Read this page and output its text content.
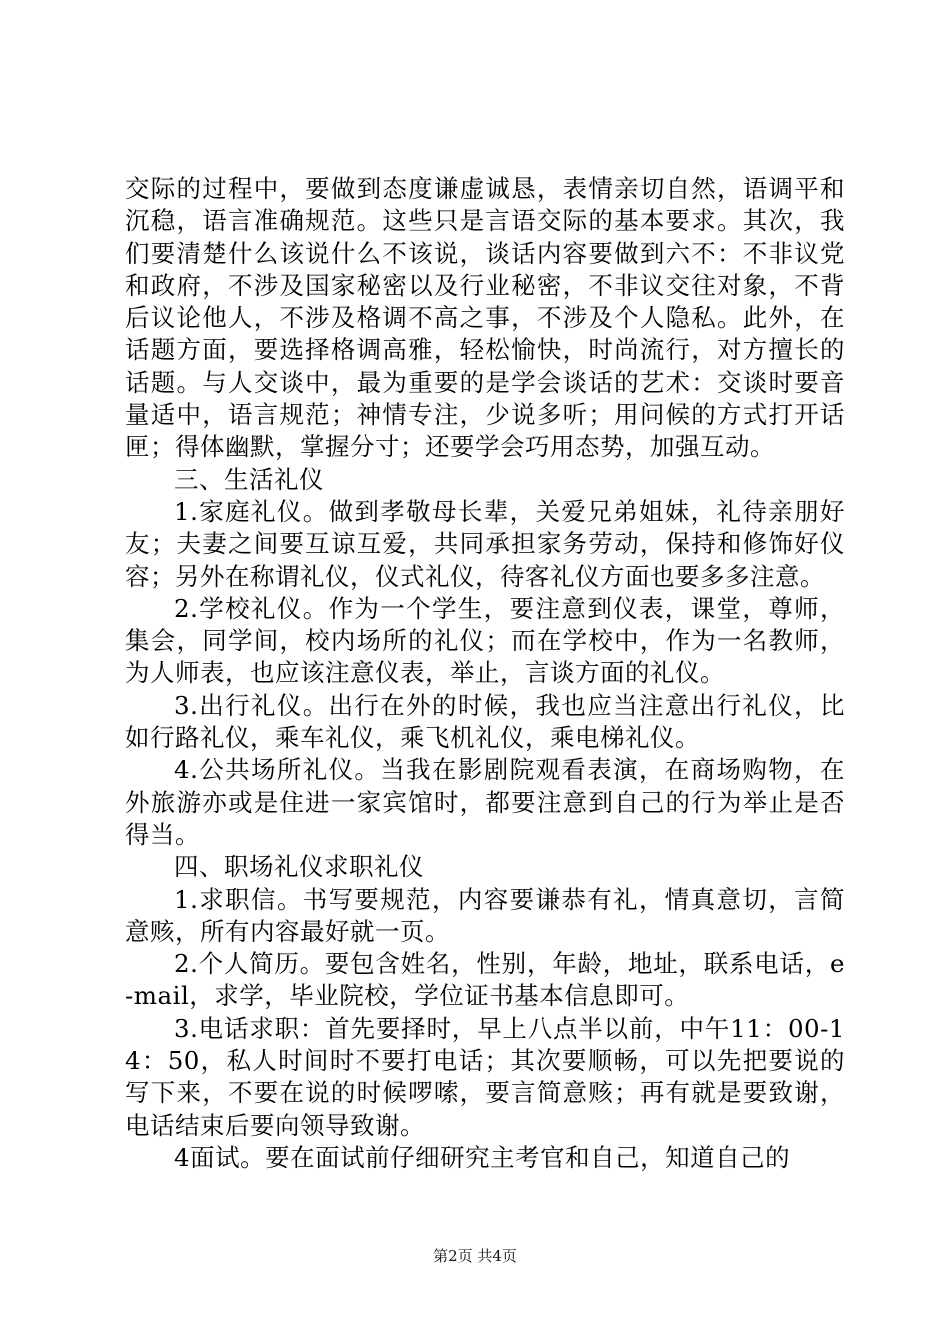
交际的过程中，要做到态度谦虚诚恳，表情亲切自然，语调平和沉稳，语言准确规范。这些只是言语交际的基本要求。其次，我们要清楚什么该说什么不该说，谈话内容要做到六不：不非议党和政府，不涉及国家秘密以及行业秘密，不非议交往对象，不背后议论他人，不涉及格调不高之事，不涉及个人隐私。此外，在话题方面，要选择格调高雅，轻松愉快，时尚流行，对方擅长的话题。与人交谈中，最为重要的是学会谈话的艺术：交谈时要音量适中，语言规范；神情专注，少说多听；用问候的方式打开话匣；得体幽默，掌握分寸；还要学会巧用态势，加强互动。

三、生活礼仪

1.家庭礼仪。做到孝敬母长辈，关爱兄弟姐妹，礼待亲朋好友；夫妻之间要互谅互爱，共同承担家务劳动，保持和修饰好仪容；另外在称谓礼仪，仪式礼仪，待客礼仪方面也要多多注意。

2.学校礼仪。作为一个学生，要注意到仪表，课堂，尊师，集会，同学间，校内场所的礼仪；而在学校中，作为一名教师，为人师表，也应该注意仪表，举止，言谈方面的礼仪。

3.出行礼仪。出行在外的时候，我也应当注意出行礼仪，比如行路礼仪，乘车礼仪，乘飞机礼仪，乘电梯礼仪。

4.公共场所礼仪。当我在影剧院观看表演，在商场购物，在外旅游亦或是住进一家宾馆时，都要注意到自己的行为举止是否得当。

四、职场礼仪求职礼仪

1.求职信。书写要规范，内容要谦恭有礼，情真意切，言简意赅，所有内容最好就一页。

2.个人简历。要包含姓名，性别，年龄，地址，联系电话，e-mail，求学，毕业院校，学位证书基本信息即可。

3.电话求职：首先要择时，早上八点半以前，中午11：00-14：50，私人时间时不要打电话；其次要顺畅，可以先把要说的写下来，不要在说的时候啰嗦，要言简意赅；再有就是要致谢，电话结束后要向领导致谢。

4面试。要在面试前仔细研究主考官和自己，知道自己的

第2页 共4页
